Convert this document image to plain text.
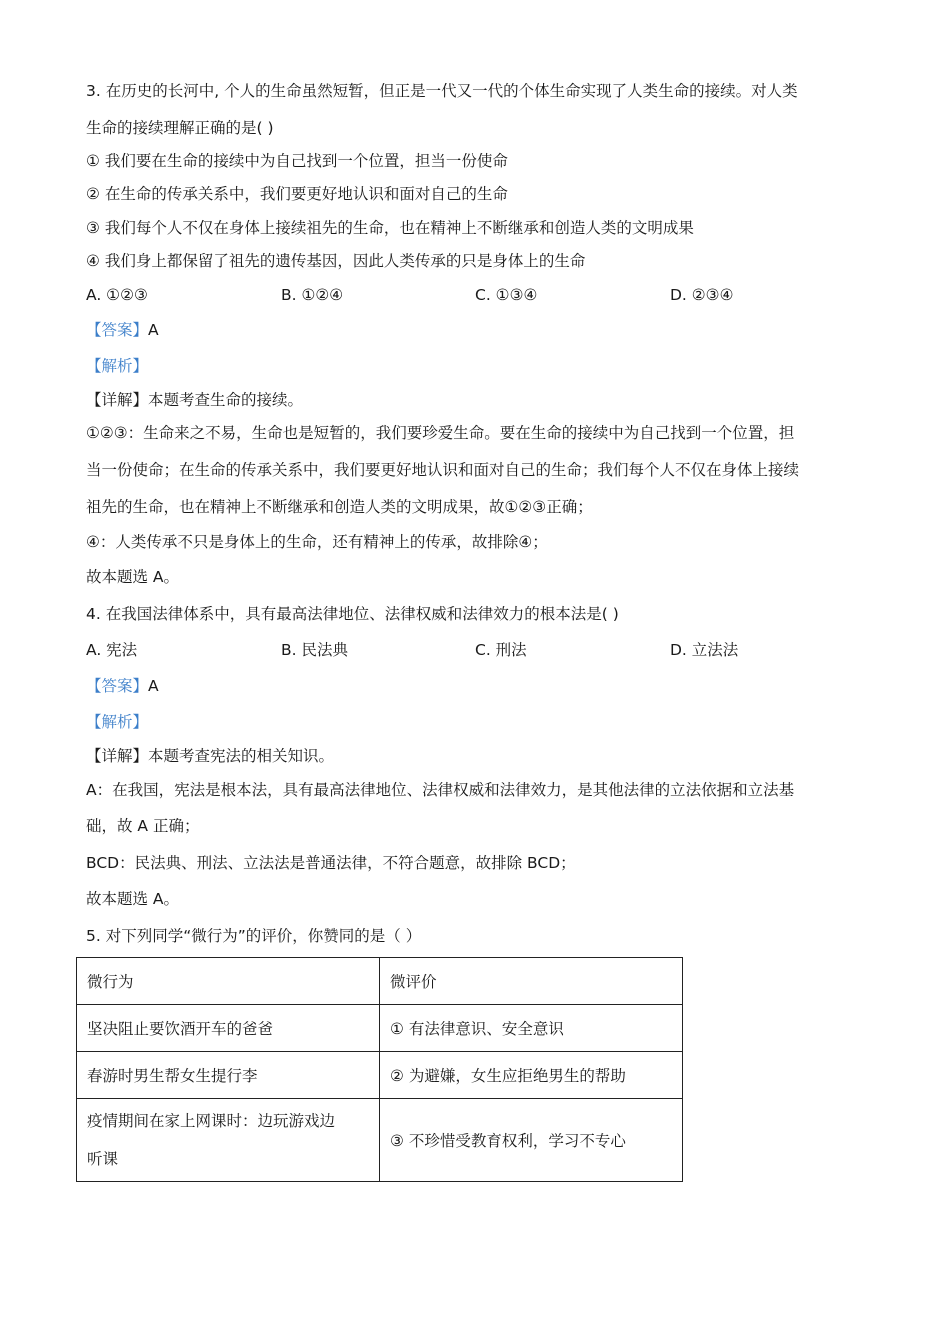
3. 在历史的长河中, 个人的生命虽然短暂，但正是一代又一代的个体生命实现了人类生命的接续。对人类
生命的接续理解正确的是( )
① 我们要在生命的接续中为自己找到一个位置，担当一份使命
② 在生命的传承关系中，我们要更好地认识和面对自己的生命
③ 我们每个人不仅在身体上接续祖先的生命，也在精神上不断继承和创造人类的文明成果
④ 我们身上都保留了祖先的遗传基因，因此人类传承的只是身体上的生命
A. ①②③	B. ①②④	C. ①③④	D. ②③④
【答案】A
【解析】
【详解】本题考查生命的接续。
①②③：生命来之不易，生命也是短暂的，我们要珍爱生命。要在生命的接续中为自己找到一个位置，担
当一份使命；在生命的传承关系中，我们要更好地认识和面对自己的生命；我们每个人不仅在身体上接续
祖先的生命，也在精神上不断继承和创造人类的文明成果，故①②③正确；
④：人类传承不只是身体上的生命，还有精神上的传承，故排除④；
故本题选 A。
4. 在我国法律体系中，具有最高法律地位、法律权威和法律效力的根本法是( )
A. 宪法	B. 民法典	C. 刑法	D. 立法法
【答案】A
【解析】
【详解】本题考查宪法的相关知识。
A：在我国，宪法是根本法，具有最高法律地位、法律权威和法律效力，是其他法律的立法依据和立法基
础，故 A 正确；
BCD：民法典、刑法、立法法是普通法律，不符合题意，故排除 BCD；
故本题选 A。
5. 对下列同学“微行为”的评价，你赞同的是（ ）
微行为	微评价
坚决阻止要饮酒开车的爸爸	① 有法律意识、安全意识
春游时男生帮女生提行李	② 为避嫌，女生应拒绝男生的帮助

疫情期间在家上网课时：边玩游戏边
听课	③ 不珍惜受教育权利，学习不专心
